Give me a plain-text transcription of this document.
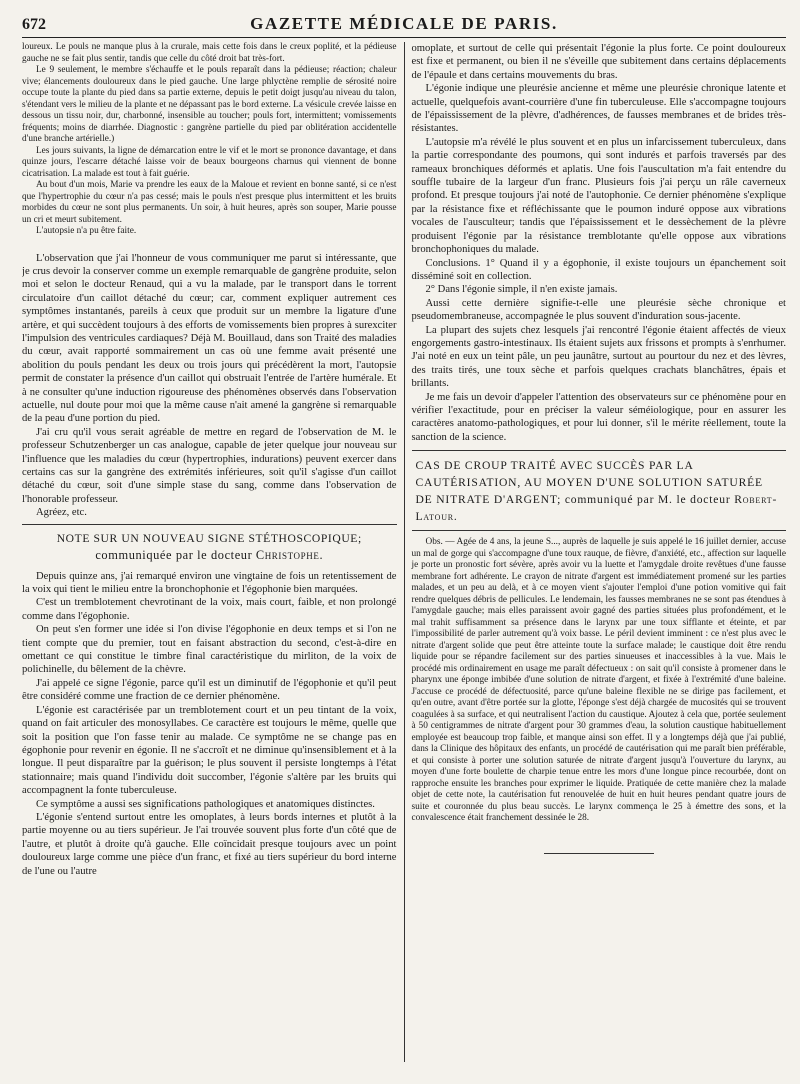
672	GAZETTE MÉDICALE DE PARIS.

loureux. Le pouls ne manque plus à la crurale, mais cette fois dans le creux poplité, et la pédieuse gauche ne se fait plus sentir, tandis que celle du côté droit bat très-fort.

Le 9 seulement, le membre s'échauffe et le pouls reparaît dans la pédieuse; réaction; chaleur vive; élancements douloureux dans le pied gauche. Une large phlyctène remplie de sérosité noire occupe toute la plante du pied dans sa partie externe, depuis le petit doigt jusqu'au niveau du talon, s'étendant vers le milieu de la plante et ne dépassant pas le bord externe. La vésicule crevée laisse en dessous un tissu noir, dur, charbonné, insensible au toucher; pouls fort, intermittent; vomissements fréquents; moins de diarrhée. Diagnostic : gangrène partielle du pied par oblitération accidentelle d'une branche artérielle.)

Les jours suivants, la ligne de démarcation entre le vif et le mort se prononce davantage, et dans quinze jours, l'escarre détaché laisse voir de beaux bourgeons charnus qui viennent de bonne cicatrisation. La malade est tout à fait guérie.

Au bout d'un mois, Marie va prendre les eaux de la Maloue et revient en bonne santé, si ce n'est que l'hypertrophie du cœur n'a pas cessé; mais le pouls n'est presque plus intermittent et les bruits morbides du cœur ne sont plus permanents. Un soir, à huit heures, après son souper, Marie pousse un cri et meurt subitement.

L'autopsie n'a pu être faite.

L'observation que j'ai l'honneur de vous communiquer me parut si intéressante, que je crus devoir la conserver comme un exemple remarquable de gangrène produite, selon moi et selon le docteur Renaud, qui a vu la malade, par le transport dans le torrent circulatoire d'un caillot détaché du cœur; car, comment expliquer autrement ces symptômes instantanés, pareils à ceux que produit sur un membre la ligature d'une artère, et qui succèdent toujours à des efforts de vomissements bien propres à surexciter l'impulsion des ventricules cardiaques? Déjà M. Bouillaud, dans son Traité des maladies du cœur, avait rapporté sommairement un cas où une femme avait présenté une abolition du pouls pendant les deux ou trois jours qui précédèrent la mort, l'autopsie permit de constater la présence d'un caillot qui obstruait l'entrée de l'artère humérale. Et à ne consulter qu'une induction rigoureuse des phénomènes observés dans l'observation actuelle, nul doute pour moi que la même cause n'ait amené la gangrène si remarquable de la peau d'une portion du pied.

J'ai cru qu'il vous serait agréable de mettre en regard de l'observation de M. le professeur Schutzenberger un cas analogue, capable de jeter quelque jour nouveau sur l'influence que les maladies du cœur (hypertrophies, indurations) peuvent exercer dans certains cas sur la gangrène des extrémités inférieures, soit qu'il s'agisse d'un caillot détaché du cœur, soit d'une simple stase du sang, comme dans l'observation de l'honorable professeur.

Agréez, etc.

NOTE SUR UN NOUVEAU SIGNE STÉTHOSCOPIQUE; communiquée par le docteur Christophe.

Depuis quinze ans, j'ai remarqué environ une vingtaine de fois un retentissement de la voix qui tient le milieu entre la bronchophonie et l'égophonie bien marquées.

C'est un tremblotement chevrotinant de la voix, mais court, faible, et non prolongé comme dans l'égophonie.

On peut s'en former une idée si l'on divise l'égophonie en deux temps et si l'on ne tient compte que du premier, tout en faisant abstraction du second, c'est-à-dire en omettant ce qui constitue le timbre final caractéristique du mirliton, de la voix de polichinelle, du bêlement de la chèvre.

J'ai appelé ce signe l'égonie, parce qu'il est un diminutif de l'égophonie et qu'il peut être considéré comme une fraction de ce dernier phénomène.

L'égonie est caractérisée par un tremblotement court et un peu tintant de la voix, quand on fait articuler des monosyllabes. Ce caractère est toujours le même, quelle que soit la position que l'on fasse tenir au malade. Ce symptôme ne se change pas en égophonie pour revenir en égonie. Il ne s'accroît et ne diminue qu'insensiblement et à la longue. Il peut disparaître par la guérison; le plus souvent il persiste longtemps à l'état stationnaire; mais quand l'individu doit succomber, l'égonie s'altère par les bruits qui accompagnent la fonte tuberculeuse.

Ce symptôme a aussi ses significations pathologiques et anatomiques distinctes.

L'égonie s'entend surtout entre les omoplates, à leurs bords internes et plutôt à la partie moyenne ou au tiers supérieur. Je l'ai trouvée souvent plus forte d'un côté que de l'autre, et plutôt à droite qu'à gauche. Elle coïncidait presque toujours avec un point douloureux large comme une pièce d'un franc, et fixé au tiers supérieur du bord interne de l'une ou l'autre

omoplate, et surtout de celle qui présentait l'égonie la plus forte. Ce point douloureux est fixe et permanent, ou bien il ne s'éveille que subitement dans certains déplacements de l'épaule et dans certains mouvements du bras.

L'égonie indique une pleurésie ancienne et même une pleurésie chronique latente et actuelle, quelquefois avant-courrière d'une fin tuberculeuse. Elle s'accompagne toujours de l'épaississement de la plèvre, d'adhérences, de fausses membranes et de brides très-résistantes.

L'autopsie m'a révélé le plus souvent et en plus un infarcissement tuberculeux, dans la partie correspondante des poumons, qui sont indurés et parfois traversés par des rameaux bronchiques déformés et aplatis. Une fois l'auscultation m'a fait entendre du souffle tubaire de la largeur d'un franc. Plusieurs fois j'ai perçu un râle caverneux profond. Et presque toujours j'ai noté de l'autophonie. Ce dernier phénomène s'explique par la résistance fixe et réfléchissante que le poumon induré oppose aux vibrations vocales de l'ausculteur; tandis que l'épaississement et le dessèchement de la plèvre produisent l'égonie par la résistance tremblotante qu'elle oppose aux vibrations bronchophoniques du malade.

Conclusions. 1° Quand il y a égophonie, il existe toujours un épanchement soit disséminé soit en collection.

2° Dans l'égonie simple, il n'en existe jamais.

Aussi cette dernière signifie-t-elle une pleurésie sèche chronique et pseudomembraneuse, accompagnée le plus souvent d'induration sous-jacente.

La plupart des sujets chez lesquels j'ai rencontré l'égonie étaient affectés de vieux engorgements gastro-intestinaux. Ils étaient sujets aux frissons et prompts à s'enrhumer. J'ai noté en eux un teint pâle, un peu jaunâtre, surtout au pourtour du nez et des lèvres, des traits tirés, une toux sèche et parfois quelques crachats blanchâtres, épais et brillants.

Je me fais un devoir d'appeler l'attention des observateurs sur ce phénomène pour en vérifier l'exactitude, pour en préciser la valeur séméiologique, pour en assurer les caractères anatomo-pathologiques, et pour lui donner, s'il le mérite réellement, toute la sanction de la science.

CAS DE CROUP TRAITÉ AVEC SUCCÈS PAR LA CAUTÉRISATION, AU MOYEN D'UNE SOLUTION SATURÉE DE NITRATE D'ARGENT; communiqué par M. le docteur Robert-Latour.

Obs. — Agée de 4 ans, la jeune S..., auprès de laquelle je suis appelé le 16 juillet dernier, accuse un mal de gorge qui s'accompagne d'une toux rauque, de fièvre, d'anxiété, etc., affection sur laquelle je porte un pronostic fort sévère, après avoir vu la luette et l'amygdale droite revêtues d'une fausse membrane fort adhérente. Le crayon de nitrate d'argent est immédiatement promené sur les parties malades, et un peu au delà, et à ce moyen vient s'ajouter l'emploi d'une potion vomitive qui fait rendre quelques débris de pellicules. Le lendemain, les fausses membranes ne se sont pas étendues à l'amygdale gauche; mais elles paraissent avoir gagné des parties situées plus profondément, et le mal trahit suffisamment sa présence dans le larynx par une toux sifflante et éteinte, et par l'impossibilité de parler autrement qu'à voix basse. Le péril devient imminent : ce n'est plus avec le nitrate d'argent solide que peut être atteinte toute la surface malade; le caustique doit être rendu liquide pour se répandre facilement sur des parties sinueuses et inaccessibles à la vue. Mais le procédé mis ordinairement en usage me paraît défectueux : on sait qu'il consiste à promener dans le pharynx une éponge imbibée d'une solution de nitrate d'argent, et fixée à l'extrémité d'une baleine. J'accuse ce procédé de défectuosité, parce qu'une baleine flexible ne se dirige pas facilement, et qu'en outre, avant d'être portée sur la glotte, l'éponge s'est déjà chargée de mucosités qui se trouvent coagulées à sa surface, et qui neutralisent l'action du caustique. Ajoutez à cela que, portée seulement à 50 centigrammes de nitrate d'argent pour 30 grammes d'eau, la solution caustique habituellement employée est beaucoup trop faible, et manque ainsi son effet. Il y a longtemps déjà que j'ai publié, dans la Clinique des hôpitaux des enfants, un procédé de cautérisation qui me paraît bien préférable, et qui consiste à porter une solution saturée de nitrate d'argent jusqu'à l'ouverture du larynx, au moyen d'une forte boulette de charpie tenue entre les mors d'une longue pince recourbée, dont on rapproche ensuite les branches pour exprimer le liquide. Pratiquée de cette manière chez la malade objet de cette note, la cautérisation fut renouvelée de huit en huit heures pendant quatre jours de suite et couronnée du plus beau succès. Le larynx commença le 25 à émettre des sons, et la convalescence était franchement dessinée le 28.
